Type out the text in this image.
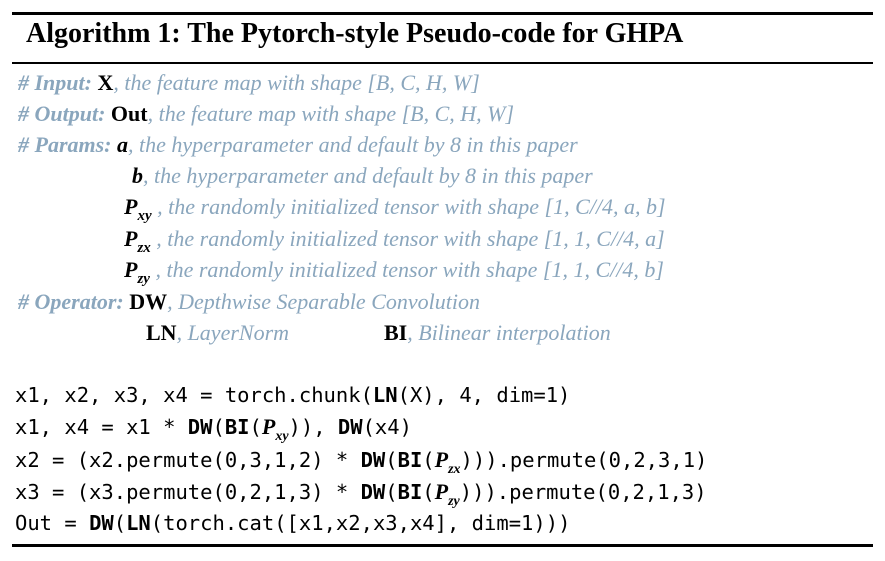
Algorithm 1: The Pytorch-style Pseudo-code for GHPA
# Input: X, the feature map with shape [B, C, H, W]
# Output: Out, the feature map with shape [B, C, H, W]
# Params: a, the hyperparameter and default by 8 in this paper
b, the hyperparameter and default by 8 in this paper
$P_{xy}$ , the randomly initialized tensor with shape [1, C//4, a, b]
$P_{zx}$ , the randomly initialized tensor with shape [1, 1, C//4, a]
$P_{zy}$ , the randomly initialized tensor with shape [1, 1, C//4, b]
# Operator: DW, Depthwise Separable Convolution
LN, LayerNorm	BI, Bilinear interpolation
x1, x2, x3, x4 = torch.chunk(LN(X), 4, dim=1)
x1, $x4 = x1 * DW(BI(P_{xy}))$, DW(x4)
x2 = (x2.permute(0,3,1,2) * $DW(BI(P_{zx}))).permute(0,2,3,1)$
x3 = (x3.permute(0,2,1,3) * $DW(BI(P_{zy}))).permute(0,2,1,3)$
Out = DW(LN(torch.cat([x1,x2,x3,x4], dim=1)))
